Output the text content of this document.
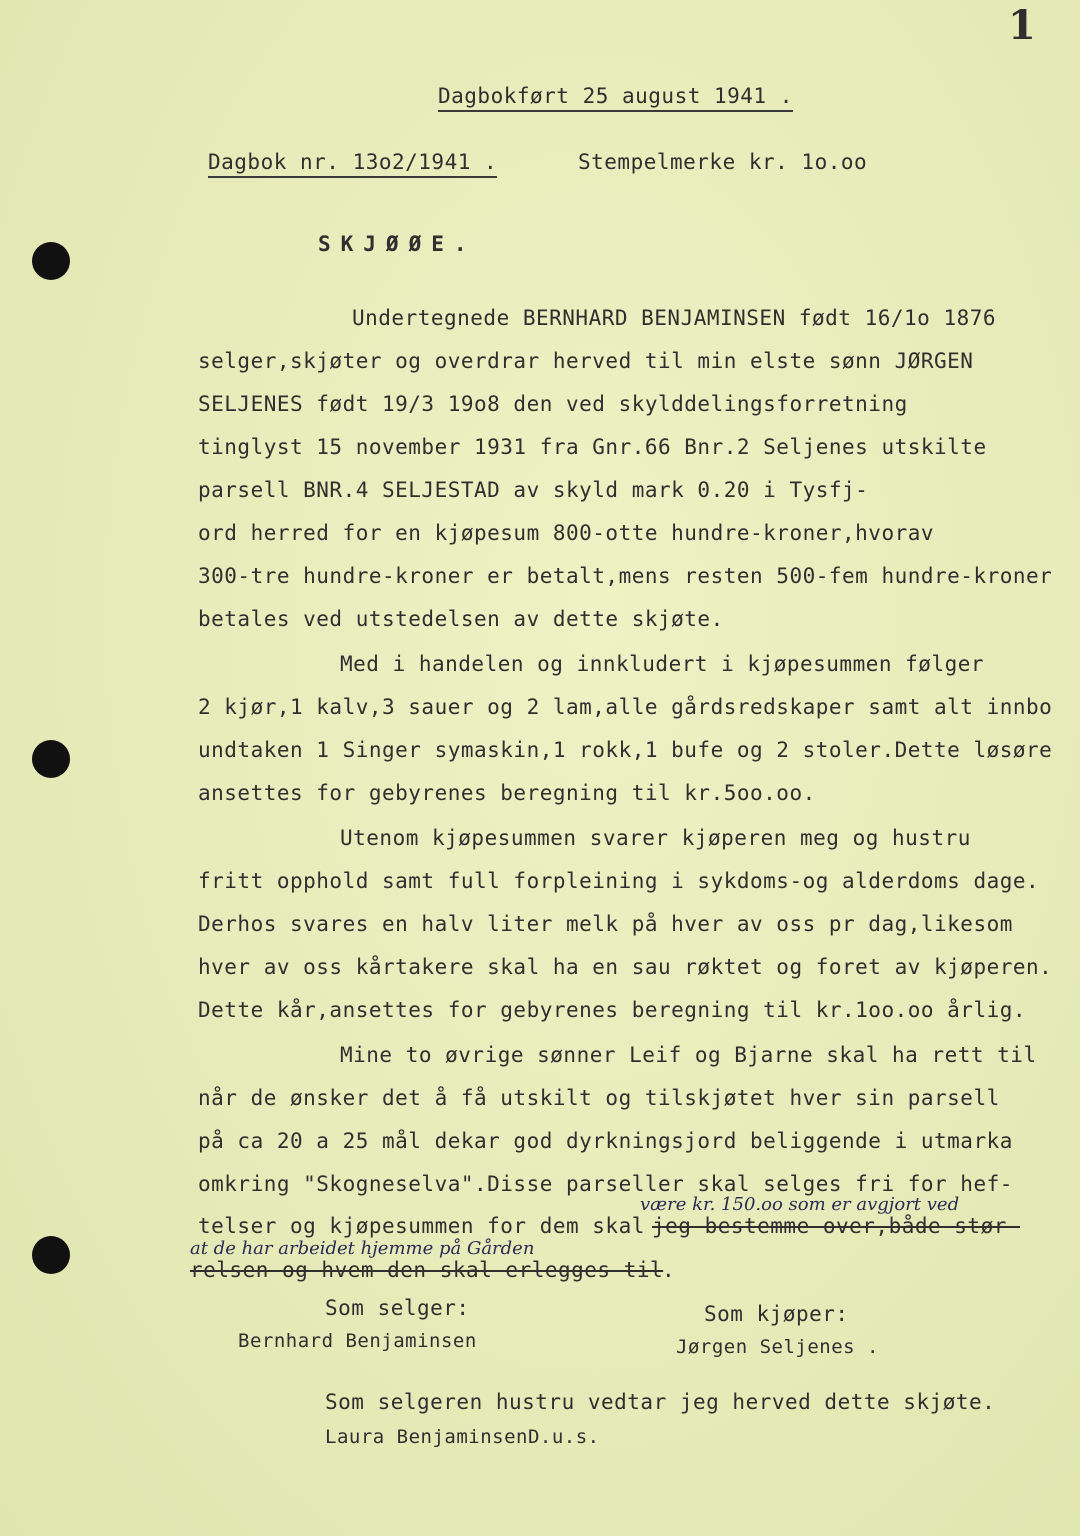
1
Dagbokført 25 august 1941 .
Dagbok nr. 13o2/1941 .	Stempelmerke kr. 1o.oo
SKJØØE.
Undertegnede BERNHARD BENJAMINSEN født 16/1o 1876
selger,skjøter og overdrar herved til min elste sønn JØRGEN
SELJENES født 19/3 19o8 den ved skylddelingsforretning
tinglyst 15 november 1931 fra Gnr.66 Bnr.2 Seljenes utskilte
parsell BNR.4 SELJESTAD av skyld mark 0.20 i Tysfj-
ord herred for en kjøpesum 800-otte hundre-kroner,hvorav
300-tre hundre-kroner er betalt,mens resten 500-fem hundre-kroner
betales ved utstedelsen av dette skjøte.
Med i handelen og innkludert i kjøpesummen følger
2 kjør,1 kalv,3 sauer og 2 lam,alle gårdsredskaper samt alt innbo
undtaken 1 Singer symaskin,1 rokk,1 bufe og 2 stoler.Dette løsøre
ansettes for gebyrenes beregning til kr.5oo.oo.
Utenom kjøpesummen svarer kjøperen meg og hustru
fritt opphold samt full forpleining i sykdoms-og alderdoms dage.
Derhos svares en halv liter melk på hver av oss pr dag,likesom
hver av oss kårtakere skal ha en sau røktet og foret av kjøperen.
Dette kår,ansettes for gebyrenes beregning til kr.1oo.oo årlig.
Mine to øvrige sønner Leif og Bjarne skal ha rett til
når de ønsker det å få utskilt og tilskjøtet hver sin parsell
på ca 20 a 25 mål dekar god dyrkningsjord beliggende i utmarka
omkring "Skogneselva".Disse parseller skal selges fri for hef-
være kr. 150.oo som er avgjort ved
telser og kjøpesummen for dem skal jeg bestemme over,både stør-
at de har arbeidet hjemme på Gården
relsen og hvem den skal erlegges til
.
Som selger:
Bernhard Benjaminsen
Som kjøper:
Jørgen Seljenes .
Som selgeren hustru vedtar jeg herved dette skjøte.
Laura BenjaminsenD.u.s.
